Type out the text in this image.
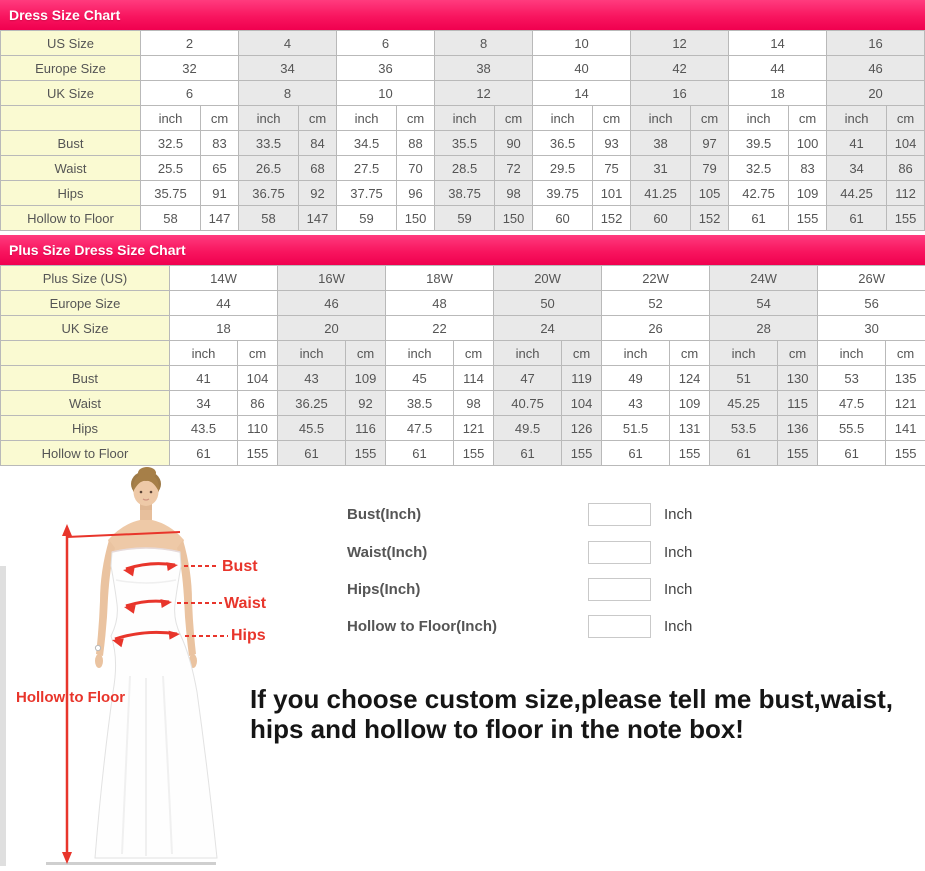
Dress Size Chart
US Size	2		4		6		8		10		12		14		16	
Europe Size	32		34		36		38		40		42		44		46	
UK Size	6		8		10		12		14		16		18		20	
	inch	cm	inch	cm	inch	cm	inch	cm	inch	cm	inch	cm	inch	cm	inch	cm
Bust	32.5	83	33.5	84	34.5	88	35.5	90	36.5	93	38	97	39.5	100	41	104
Waist	25.5	65	26.5	68	27.5	70	28.5	72	29.5	75	31	79	32.5	83	34	86
Hips	35.75	91	36.75	92	37.75	96	38.75	98	39.75	101	41.25	105	42.75	109	44.25	112
Hollow to Floor	58	147	58	147	59	150	59	150	60	152	60	152	61	155	61	155
Plus Size Dress Size Chart
Plus Size (US)	14W		16W		18W		20W		22W		24W		26W	
Europe Size	44		46		48		50		52		54		56	
UK Size	18		20		22		24		26		28		30	
	inch	cm	inch	cm	inch	cm	inch	cm	inch	cm	inch	cm	inch	cm
Bust	41	104	43	109	45	114	47	119	49	124	51	130	53	135
Waist	34	86	36.25	92	38.5	98	40.75	104	43	109	45.25	115	47.5	121
Hips	43.5	110	45.5	116	47.5	121	49.5	126	51.5	131	53.5	136	55.5	141
Hollow to Floor	61	155	61	155	61	155	61	155	61	155	61	155	61	155
Bust
Waist
Hips
Hollow to Floor
Bust(Inch)	Inch
Waist(Inch)	Inch
Hips(Inch)	Inch
Hollow to Floor(Inch)	Inch
If you choose custom size,please tell me bust,waist,
hips and hollow to floor in the note box!
